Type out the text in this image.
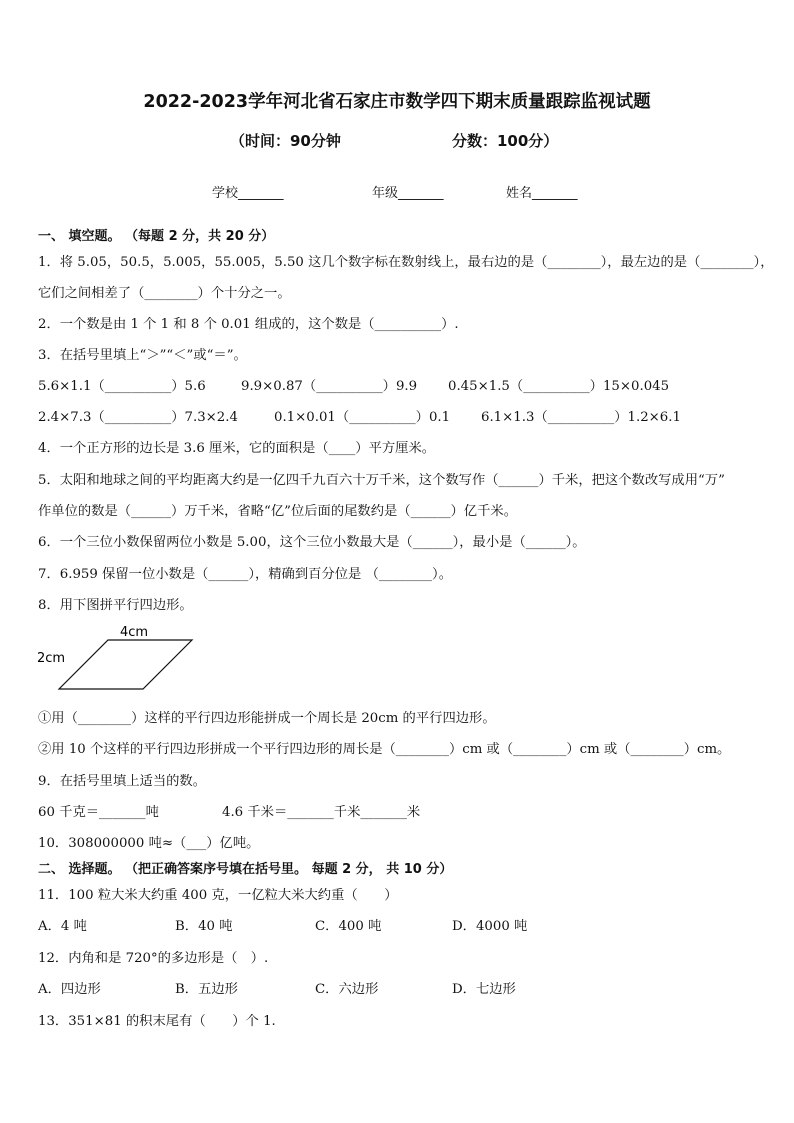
2022-2023学年河北省石家庄市数学四下期末质量跟踪监视试题
（时间：90分钟	分数：100分）
学校_______	年级_______	姓名_______
一、 填空题。 （每题 2 分，共 20 分）
1．将 5.05，50.5，5.005，55.005，5.50 这几个数字标在数射线上，最右边的是（________），最左边的是（________），
它们之间相差了（________）个十分之一。
2．一个数是由 1 个 1 和 8 个 0.01 组成的，这个数是（__________）.
3．在括号里填上“＞”“＜”或“＝”。
5.6×1.1（__________）5.6	9.9×0.87（__________）9.9 0.45×1.5（__________）15×0.045
2.4×7.3（__________）7.3×2.4	0.1×0.01（__________）0.1 6.1×1.3（__________）1.2×6.1
4．一个正方形的边长是 3.6 厘米，它的面积是（____）平方厘米。
5．太阳和地球之间的平均距离大约是一亿四千九百六十万千米，这个数写作（______）千米，把这个数改写成用“万”
作单位的数是（______）万千米，省略“亿”位后面的尾数约是（______）亿千米。
6．一个三位小数保留两位小数是 5.00，这个三位小数最大是（______），最小是（______）。
7．6.959 保留一位小数是（______），精确到百分位是 （________）。
8．用下图拼平行四边形。
4cm
2cm
①用（________）这样的平行四边形能拼成一个周长是 20cm 的平行四边形。
②用 10 个这样的平行四边形拼成一个平行四边形的周长是（________）cm 或（________）cm 或（________）cm。
9．在括号里填上适当的数。
60 千克＝_______吨	4.6 千米＝_______千米_______米
10．308000000 吨≈（___）亿吨。
二、 选择题。 （把正确答案序号填在括号里。 每题 2 分， 共 10 分）
11．100 粒大米大约重 400 克，一亿粒大米大约重（　　）
A．4 吨	B．40 吨	C．400 吨	D．4000 吨
12．内角和是 720°的多边形是（　）.
A．四边形	B．五边形	C．六边形	D．七边形
13．351×81 的积末尾有（　　）个 1.
